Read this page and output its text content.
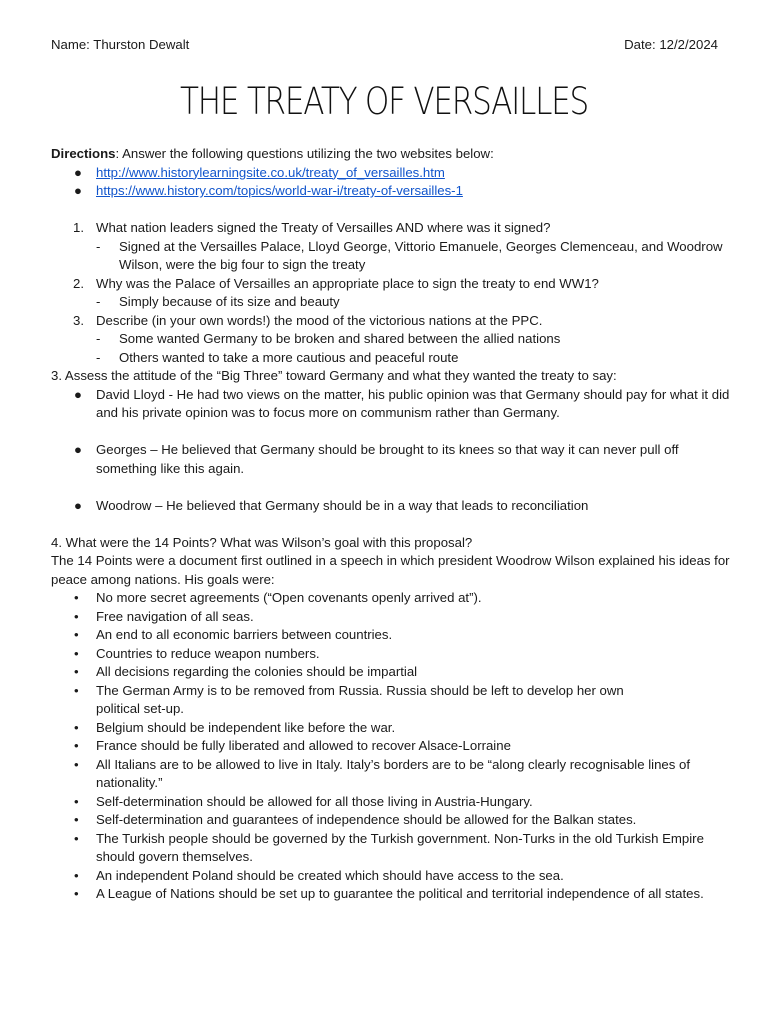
Name: Thurston Dewalt	Date: 12/2/2024
THE TREATY OF VERSAILLES

Directions: Answer the following questions utilizing the two websites below:

● http://www.historylearningsite.co.uk/treaty_of_versailles.htm
● https://www.history.com/topics/world-war-i/treaty-of-versailles-1
1. What nation leaders signed the Treaty of Versailles AND where was it signed?
- Signed at the Versailles Palace, Lloyd George, Vittorio Emanuele, Georges Clemenceau, and Woodrow Wilson, were the big four to sign the treaty
2. Why was the Palace of Versailles an appropriate place to sign the treaty to end WW1?
- Simply because of its size and beauty
3. Describe (in your own words!) the mood of the victorious nations at the PPC.
- Some wanted Germany to be broken and shared between the allied nations
- Others wanted to take a more cautious and peaceful route

3. Assess the attitude of the “Big Three” toward Germany and what they wanted the treaty to say:

● David Lloyd - He had two views on the matter, his public opinion was that Germany should pay for what it did and his private opinion was to focus more on communism rather than Germany.
● Georges – He believed that Germany should be brought to its knees so that way it can never pull off something like this again.
● Woodrow – He believed that Germany should be in a way that leads to reconciliation

4. What were the 14 Points? What was Wilson’s goal with this proposal?

The 14 Points were a document first outlined in a speech in which president Woodrow Wilson explained his ideas for peace among nations. His goals were:

• No more secret agreements (“Open covenants openly arrived at”).
• Free navigation of all seas.
• An end to all economic barriers between countries.
• Countries to reduce weapon numbers.
• All decisions regarding the colonies should be impartial
• The German Army is to be removed from Russia. Russia should be left to develop her own political set-up.
• Belgium should be independent like before the war.
• France should be fully liberated and allowed to recover Alsace-Lorraine
• All Italians are to be allowed to live in Italy. Italy’s borders are to be “along clearly recognisable lines of nationality.”
• Self-determination should be allowed for all those living in Austria-Hungary.
• Self-determination and guarantees of independence should be allowed for the Balkan states.
• The Turkish people should be governed by the Turkish government. Non-Turks in the old Turkish Empire should govern themselves.
• An independent Poland should be created which should have access to the sea.
• A League of Nations should be set up to guarantee the political and territorial independence of all states.
